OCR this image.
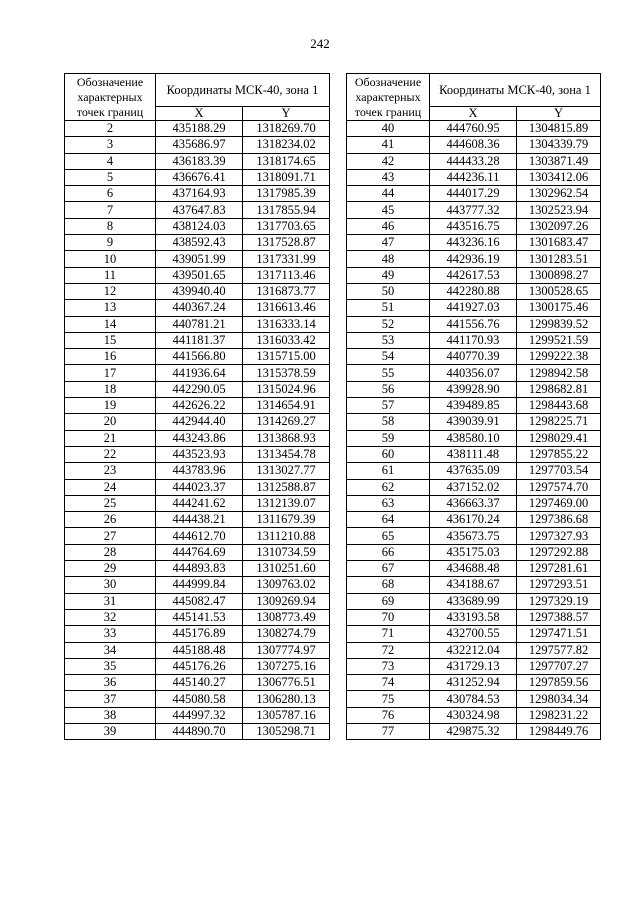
242
Обозначение характерных точек границ	Координаты МСК-40, зона 1	
	X	Y
2	435188.29	1318269.70
3	435686.97	1318234.02
4	436183.39	1318174.65
5	436676.41	1318091.71
6	437164.93	1317985.39
7	437647.83	1317855.94
8	438124.03	1317703.65
9	438592.43	1317528.87
10	439051.99	1317331.99
11	439501.65	1317113.46
12	439940.40	1316873.77
13	440367.24	1316613.46
14	440781.21	1316333.14
15	441181.37	1316033.42
16	441566.80	1315715.00
17	441936.64	1315378.59
18	442290.05	1315024.96
19	442626.22	1314654.91
20	442944.40	1314269.27
21	443243.86	1313868.93
22	443523.93	1313454.78
23	443783.96	1313027.77
24	444023.37	1312588.87
25	444241.62	1312139.07
26	444438.21	1311679.39
27	444612.70	1311210.88
28	444764.69	1310734.59
29	444893.83	1310251.60
30	444999.84	1309763.02
31	445082.47	1309269.94
32	445141.53	1308773.49
33	445176.89	1308274.79
34	445188.48	1307774.97
35	445176.26	1307275.16
36	445140.27	1306776.51
37	445080.58	1306280.13
38	444997.32	1305787.16
39	444890.70	1305298.71
Обозначение характерных точек границ	Координаты МСК-40, зона 1	
	X	Y
40	444760.95	1304815.89
41	444608.36	1304339.79
42	444433.28	1303871.49
43	444236.11	1303412.06
44	444017.29	1302962.54
45	443777.32	1302523.94
46	443516.75	1302097.26
47	443236.16	1301683.47
48	442936.19	1301283.51
49	442617.53	1300898.27
50	442280.88	1300528.65
51	441927.03	1300175.46
52	441556.76	1299839.52
53	441170.93	1299521.59
54	440770.39	1299222.38
55	440356.07	1298942.58
56	439928.90	1298682.81
57	439489.85	1298443.68
58	439039.91	1298225.71
59	438580.10	1298029.41
60	438111.48	1297855.22
61	437635.09	1297703.54
62	437152.02	1297574.70
63	436663.37	1297469.00
64	436170.24	1297386.68
65	435673.75	1297327.93
66	435175.03	1297292.88
67	434688.48	1297281.61
68	434188.67	1297293.51
69	433689.99	1297329.19
70	433193.58	1297388.57
71	432700.55	1297471.51
72	432212.04	1297577.82
73	431729.13	1297707.27
74	431252.94	1297859.56
75	430784.53	1298034.34
76	430324.98	1298231.22
77	429875.32	1298449.76
